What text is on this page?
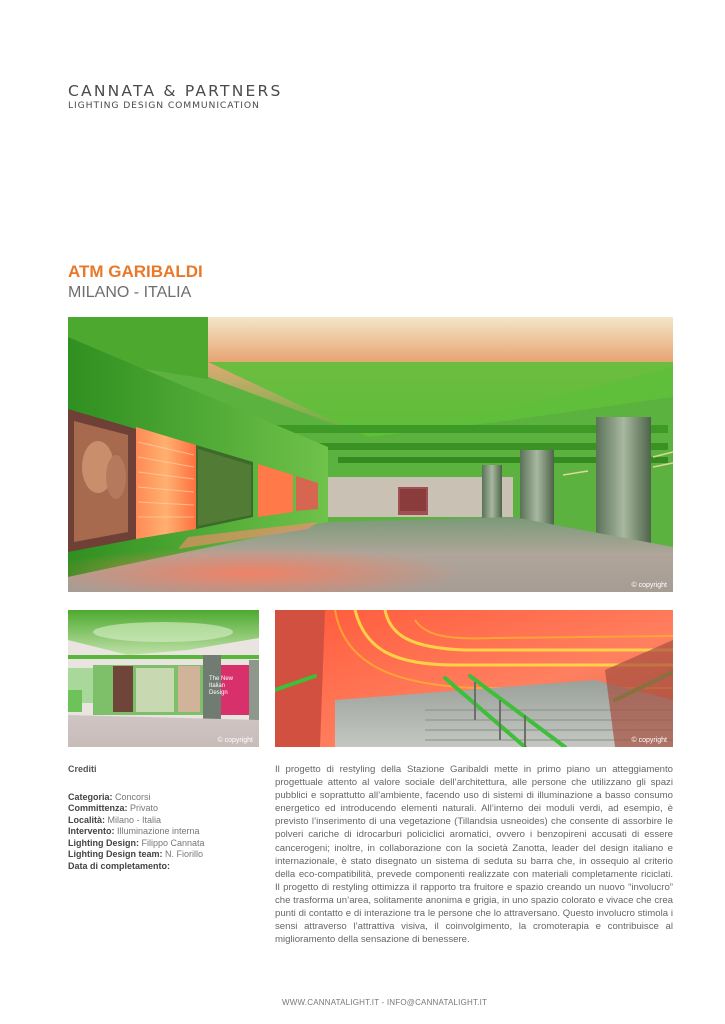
CANNATA & PARTNERS
LIGHTING DESIGN COMMUNICATION
ATM GARIBALDI
MILANO - ITALIA
© copyright
The New Italian Design
© copyright	© copyright
Crediti
Categoria: Concorsi
Committenza: Privato
Località: Milano - Italia
Intervento: Illuminazione interna
Lighting Design: Filippo Cannata
Lighting Design team: N. Fiorillo
Data di completamento:
Il progetto di restyling della Stazione Garibaldi mette in primo piano un atteggiamento progettuale attento al valore sociale dell’architettura, alle persone che utilizzano gli spazi pubblici e soprattutto all’ambiente, facendo uso di sistemi di illuminazione a basso consumo energetico ed introducendo elementi naturali. All’interno dei moduli verdi, ad esempio, è previsto l’inserimento di una vegetazione (Tillandsia usneoides) che consente di assorbire le polveri cariche di idrocarburi policiclici aromatici, ovvero i benzopireni accusati di essere cancerogeni; inoltre, in collaborazione con la società Zanotta, leader del design italiano e internazionale, è stato disegnato un sistema di seduta su barra che, in ossequio al criterio della eco-compatibilità, prevede componenti realizzate con materiali completamente riciclati. Il progetto di restyling ottimizza il rapporto tra fruitore e spazio creando un nuovo “involucro” che trasforma un’area, solitamente anonima e grigia, in uno spazio colorato e vivace che crea punti di contatto e di interazione tra le persone che lo attraversano. Questo involucro stimola i sensi attraverso l’attrattiva visiva, il coinvolgimento, la cromoterapia e contribuisce al miglioramento della sensazione di benessere.
WWW.CANNATALIGHT.IT - INFO@CANNATALIGHT.IT
